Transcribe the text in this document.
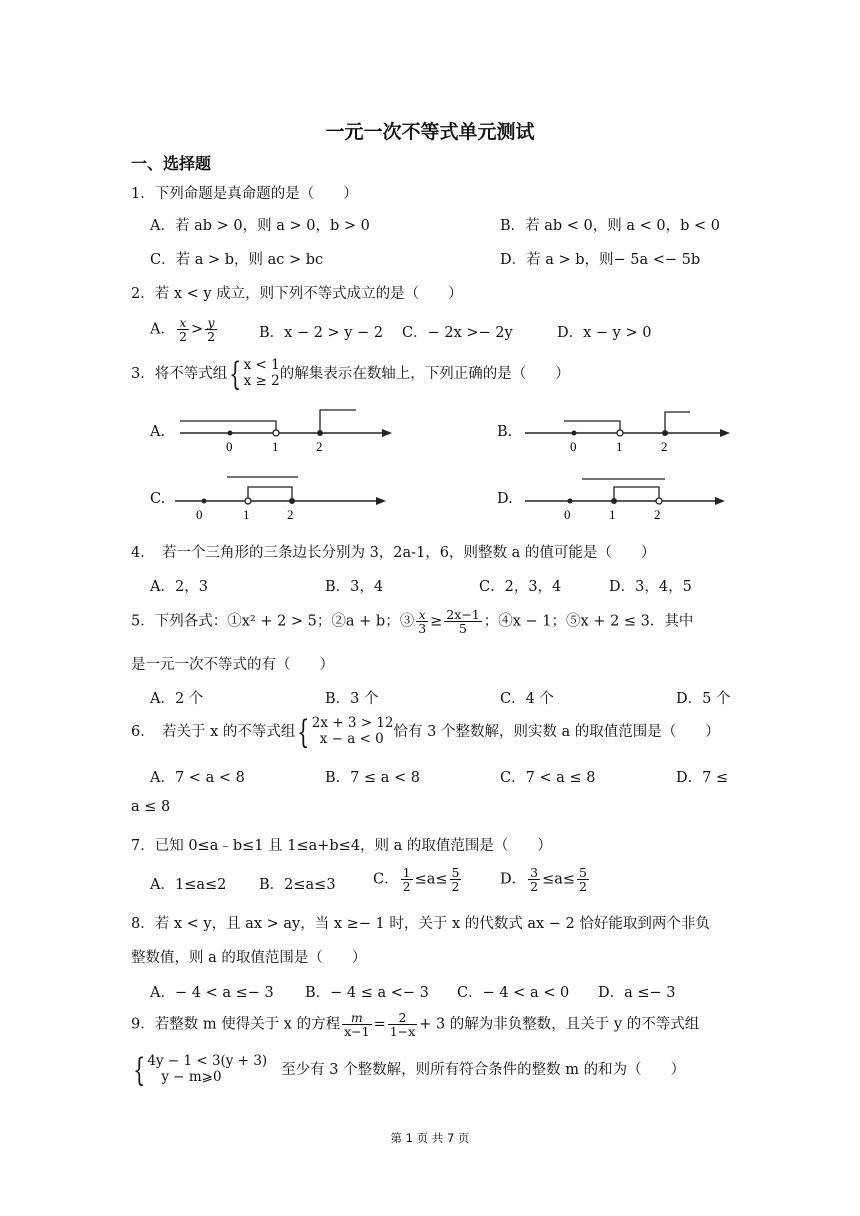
一元一次不等式单元测试
一、选择题
1．下列命题是真命题的是（　　）
A．若 ab > 0，则 a > 0，b > 0	B．若 ab < 0，则 a < 0，b < 0
C．若 a > b，则 ac > bc	D．若 a > b，则− 5a <− 5b
2．若 x < y 成立，则下列不等式成立的是（　　）
A． $\frac{x}{2} > \frac{y}{2}$	B．x − 2 > y − 2 C．− 2x >− 2y	D．x − y > 0
3．将不等式组{ x < 1
x ≥ 2 的解集表示在数轴上，下列正确的是（　　）
A.	B.
C.	D.
0	1	2	0	1	2
0	1	2	0	1	2
4．　若一个三角形的三条边长分别为 3，2a-1，6，则整数 a 的值可能是（　　）
A．2，3	B．3，4	C．2，3，4	D．3，4，5
5．下列各式：①x² + 2 > 5；②a + b；③ $\frac{x}{3} \ge \frac{2x-1}{5}$ ；④x − 1；⑤x + 2 ≤ 3．其中
是一元一次不等式的有（　　）
A．2 个	B．3 个	C．4 个	D．5 个
6．　若关于 x 的不等式组{ 2x + 3 > 12
x − a < 0 恰有 3 个整数解，则实数 a 的取值范围是（　　）
A．7 < a < 8	B．7 ≤ a < 8	C．7 < a ≤ 8	D．7 ≤
a ≤ 8
7．已知 0≤a﹣b≤1 且 1≤a+b≤4，则 a 的取值范围是（　　）
A．1≤a≤2 B．2≤a≤3	C． $\frac{1}{2} \le a\le \frac{5}{2}$	D． $\frac{3}{2} \le a\le \frac{5}{2}$
8．若 x < y，且 ax > ay，当 x ≥− 1 时，关于 x 的代数式 ax − 2 恰好能取到两个非负
整数值，则 a 的取值范围是（　　）
A．− 4 < a ≤− 3 B．− 4 ≤ a <− 3 C．− 4 < a < 0 D．a ≤− 3
9．若整数 m 使得关于 x 的方程 $\frac{m}{x-1} = \frac{2}{1-x} + 3$ 的解为非负整数，且关于 y 的不等式组
{ 4y − 1 < 3(y + 3)
y − m⩾0	至少有 3 个整数解，则所有符合条件的整数 m 的和为（　　）
第 1 页 共 7 页
